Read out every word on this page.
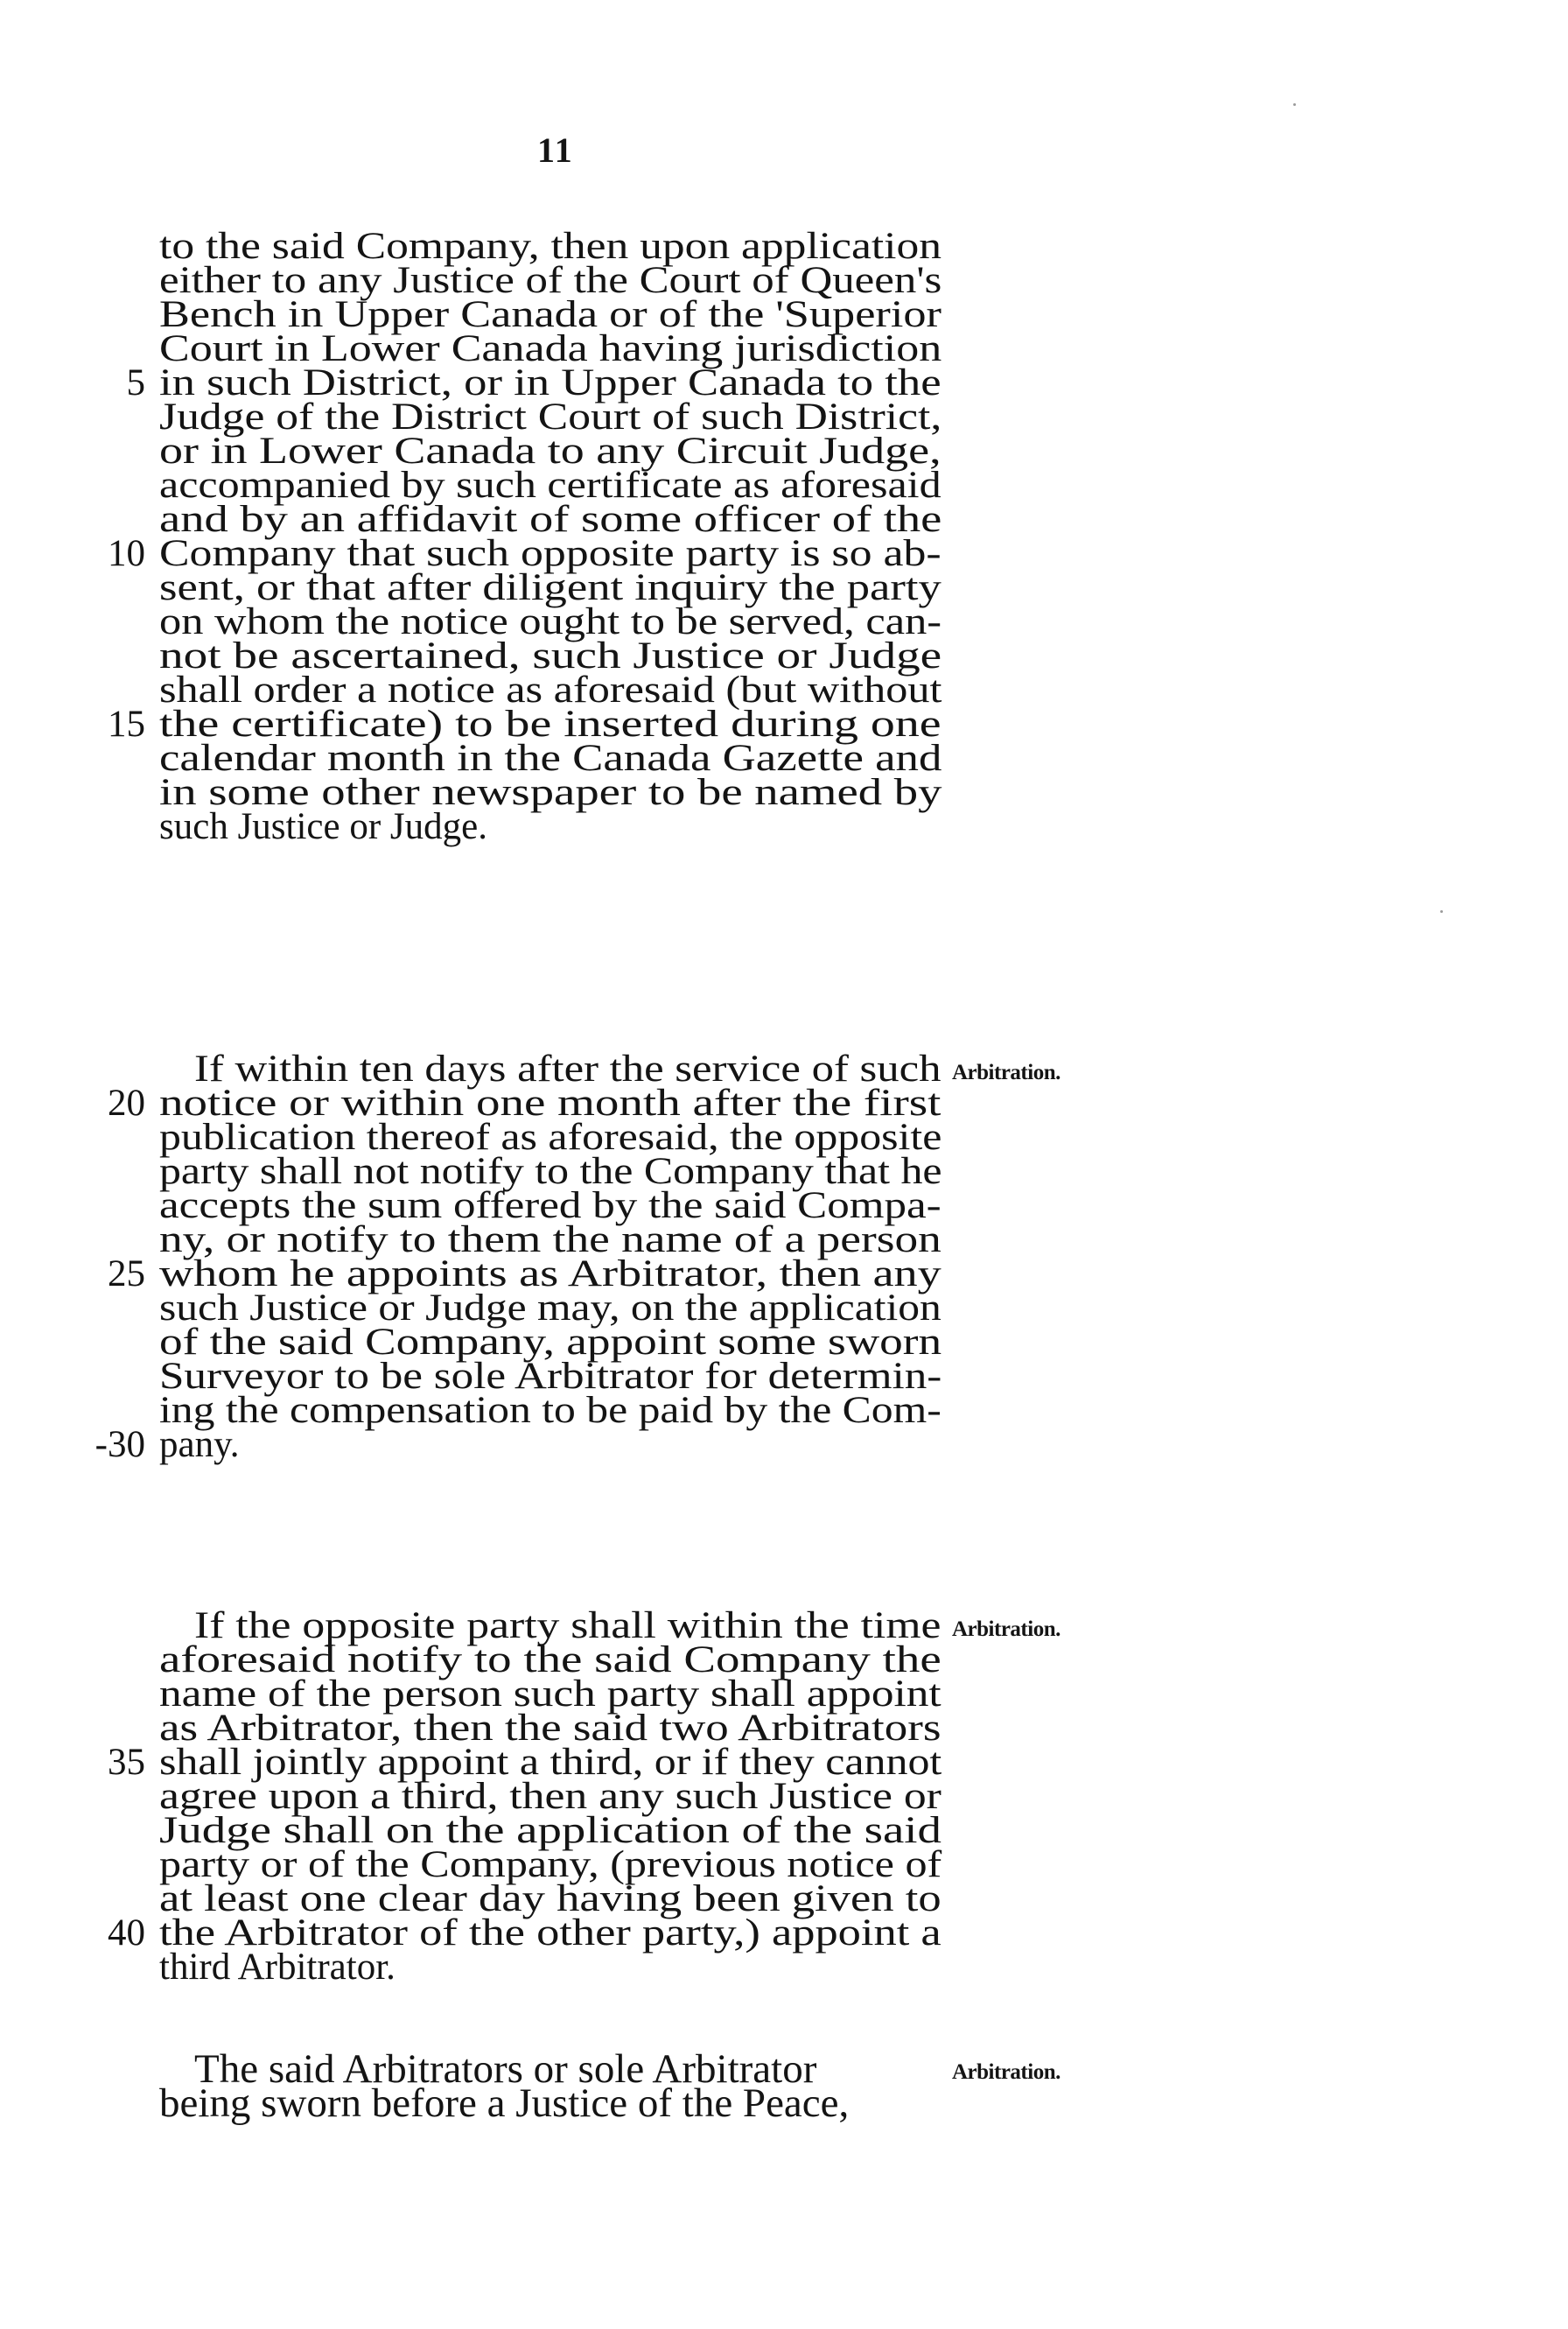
11
to the said Company, then upon application
either to any Justice of the Court of Queen's
Bench in Upper Canada or of the 'Superior
Court in Lower Canada having jurisdiction
in such District, or in Upper Canada to the
Judge of the District Court of such District,
or in Lower Canada to any Circuit Judge,
accompanied by such certificate as aforesaid
and by an affidavit of some officer of the
Company that such opposite party is so ab-
sent, or that after diligent inquiry the party
on whom the notice ought to be served, can-
not be ascertained, such Justice or Judge
shall order a notice as aforesaid (but without
the certificate) to be inserted during one
calendar month in the Canada Gazette and
in some other newspaper to be named by
such Justice or Judge.
If within ten days after the service of such
notice or within one month after the first
publication thereof as aforesaid, the opposite
party shall not notify to the Company that he
accepts the sum offered by the said Compa-
ny, or notify to them the name of a person
whom he appoints as Arbitrator, then any
such Justice or Judge may, on the application
of the said Company, appoint some sworn
Surveyor to be sole Arbitrator for determin-
ing the compensation to be paid by the Com-
pany.
If the opposite party shall within the time
aforesaid notify to the said Company the
name of the person such party shall appoint
as Arbitrator, then the said two Arbitrators
shall jointly appoint a third, or if they cannot
agree upon a third, then any such Justice or
Judge shall on the application of the said
party or of the Company, (previous notice of
at least one clear day having been given to
the Arbitrator of the other party,) appoint a
third Arbitrator.
The said Arbitrators or sole Arbitrator
being sworn before a Justice of the Peace,
5
10
15
20
25
-30
35
40
Arbitration.
Arbitration.
Arbitration.
